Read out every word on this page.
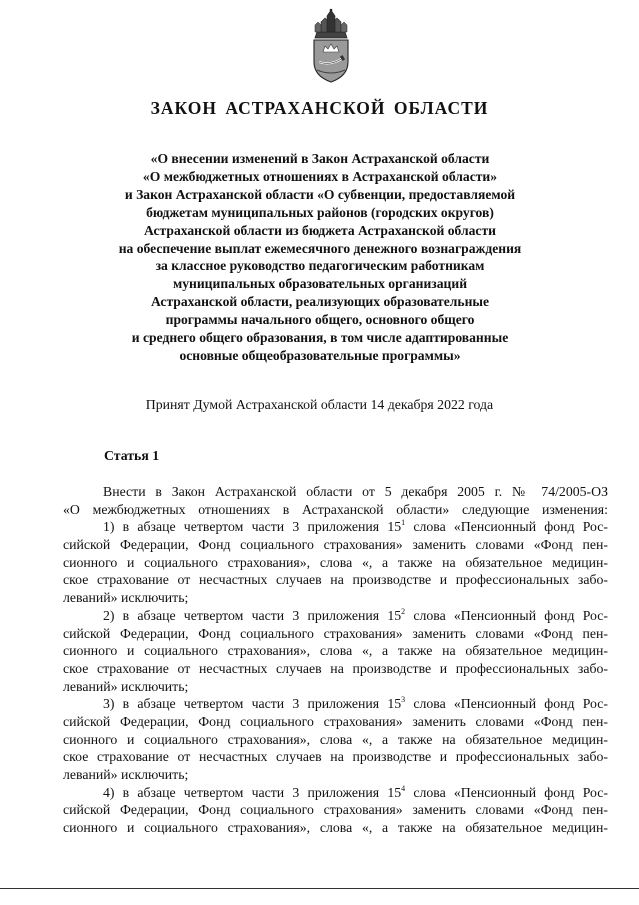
ЗАКОН АСТРАХАНСКОЙ ОБЛАСТИ
«О внесении изменений в Закон Астраханской области
«О межбюджетных отношениях в Астраханской области»
и Закон Астраханской области «О субвенции, предоставляемой
бюджетам муниципальных районов (городских округов)
Астраханской области из бюджета Астраханской области
на обеспечение выплат ежемесячного денежного вознаграждения
за классное руководство педагогическим работникам
муниципальных образовательных организаций
Астраханской области, реализующих образовательные
программы начального общего, основного общего
и среднего общего образования, в том числе адаптированные
основные общеобразовательные программы»
Принят Думой Астраханской области 14 декабря 2022 года
Статья 1
Внести в Закон Астраханской области от 5 декабря 2005 г. № 74/2005-ОЗ
«О межбюджетных отношениях в Астраханской области» следующие изменения:
1) в абзаце четвертом части 3 приложения $15^1$ слова «Пенсионный фонд Рос-
сийской Федерации, Фонд социального страхования» заменить словами «Фонд пен-
сионного и социального страхования», слова «, а также на обязательное медицин-
ское страхование от несчастных случаев на производстве и профессиональных забо-
леваний» исключить;
2) в абзаце четвертом части 3 приложения $15^2$ слова «Пенсионный фонд Рос-
сийской Федерации, Фонд социального страхования» заменить словами «Фонд пен-
сионного и социального страхования», слова «, а также на обязательное медицин-
ское страхование от несчастных случаев на производстве и профессиональных забо-
леваний» исключить;
3) в абзаце четвертом части 3 приложения $15^3$ слова «Пенсионный фонд Рос-
сийской Федерации, Фонд социального страхования» заменить словами «Фонд пен-
сионного и социального страхования», слова «, а также на обязательное медицин-
ское страхование от несчастных случаев на производстве и профессиональных забо-
леваний» исключить;
4) в абзаце четвертом части 3 приложения $15^4$ слова «Пенсионный фонд Рос-
сийской Федерации, Фонд социального страхования» заменить словами «Фонд пен-
сионного и социального страхования», слова «, а также на обязательное медицин-
